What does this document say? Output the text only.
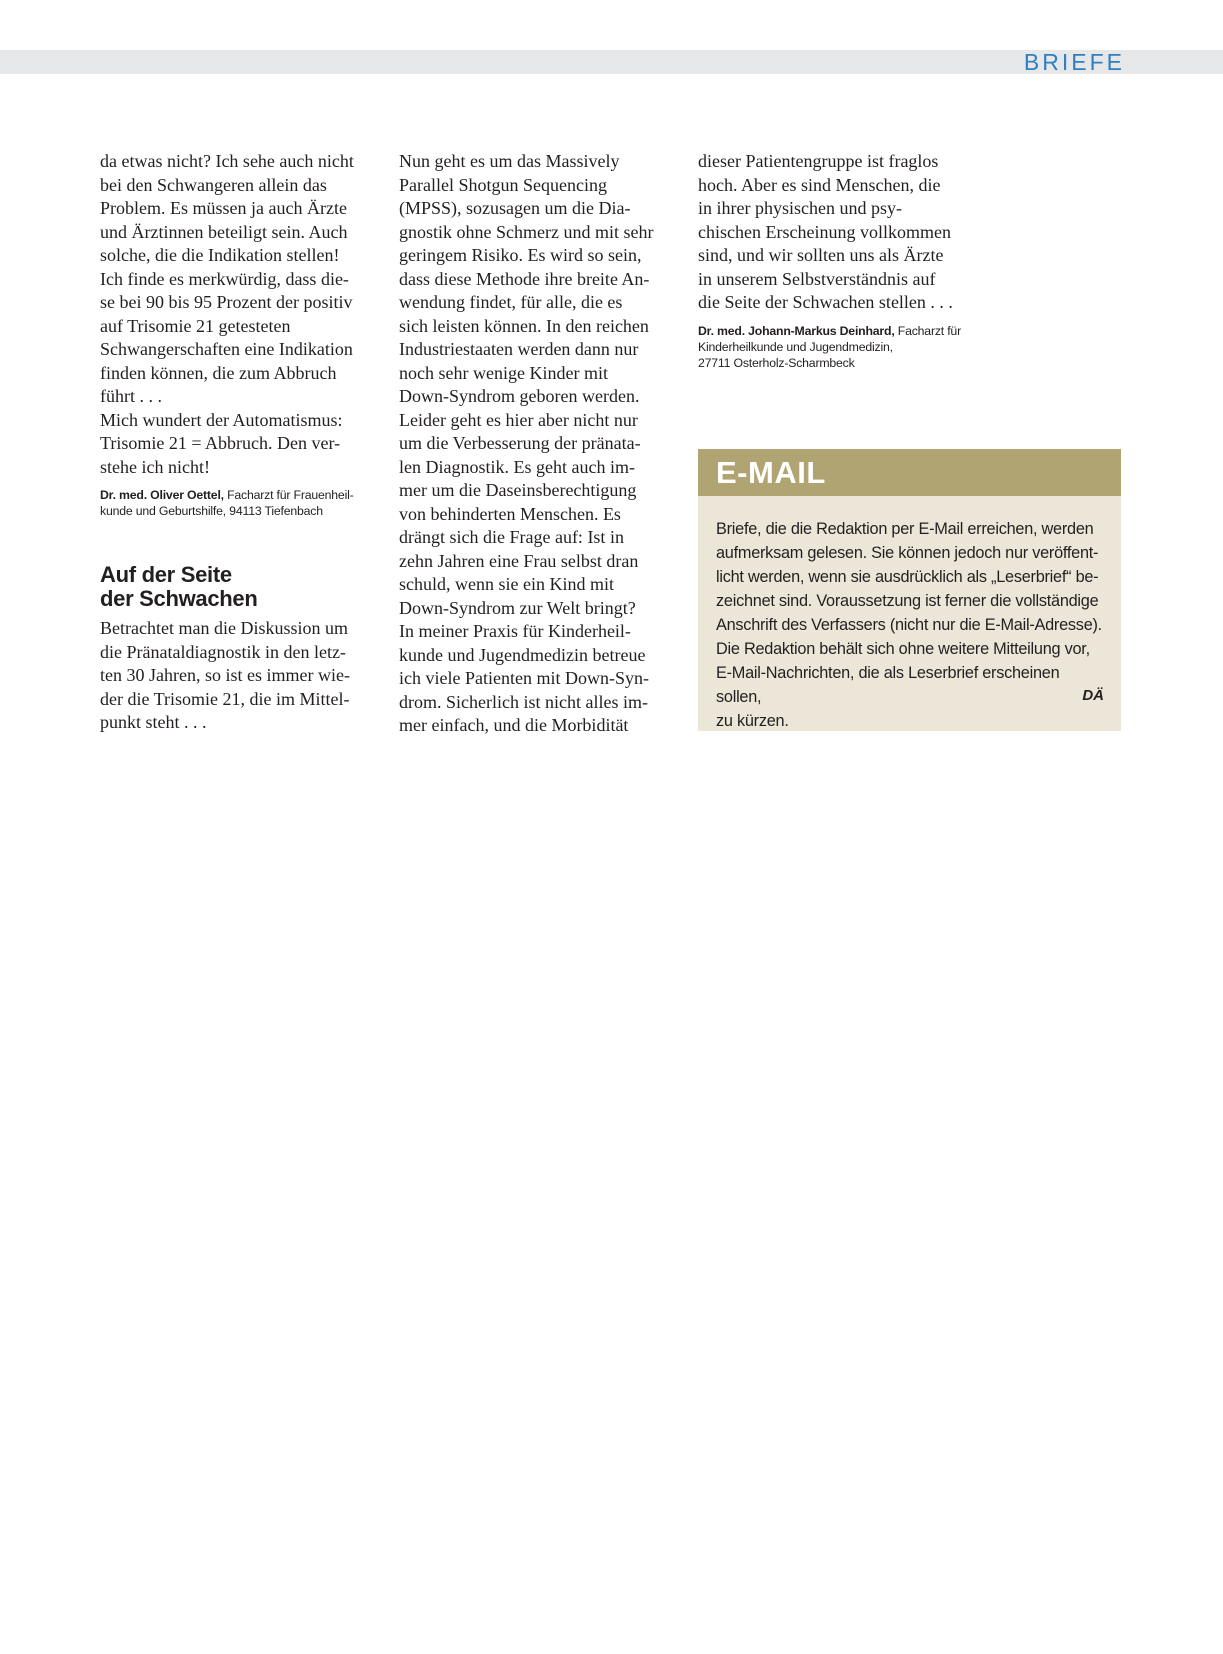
BRIEFE

da etwas nicht? Ich sehe auch nicht
bei den Schwangeren allein das
Problem. Es müssen ja auch Ärzte
und Ärztinnen beteiligt sein. Auch
solche, die die Indikation stellen!
Ich finde es merkwürdig, dass die-
se bei 90 bis 95 Prozent der positiv
auf Trisomie 21 getesteten
Schwangerschaften eine Indikation
finden können, die zum Abbruch
führt . . .
Mich wundert der Automatismus:
Trisomie 21 = Abbruch. Den ver-
stehe ich nicht!

Dr. med. Oliver Oettel, Facharzt für Frauenheil-
kunde und Geburtshilfe, 94113 Tiefenbach

Auf der Seite
der Schwachen

Betrachtet man die Diskussion um
die Pränataldiagnostik in den letz-
ten 30 Jahren, so ist es immer wie-
der die Trisomie 21, die im Mittel-
punkt steht . . .

Nun geht es um das Massively
Parallel Shotgun Sequencing
(MPSS), sozusagen um die Dia-
gnostik ohne Schmerz und mit sehr
geringem Risiko. Es wird so sein,
dass diese Methode ihre breite An-
wendung findet, für alle, die es
sich leisten können. In den reichen
Industriestaaten werden dann nur
noch sehr wenige Kinder mit
Down-Syndrom geboren werden.
Leider geht es hier aber nicht nur
um die Verbesserung der pränata-
len Diagnostik. Es geht auch im-
mer um die Daseinsberechtigung
von behinderten Menschen. Es
drängt sich die Frage auf: Ist in
zehn Jahren eine Frau selbst dran
schuld, wenn sie ein Kind mit
Down-Syndrom zur Welt bringt?
In meiner Praxis für Kinderheil-
kunde und Jugendmedizin betreue
ich viele Patienten mit Down-Syn-
drom. Sicherlich ist nicht alles im-
mer einfach, und die Morbidität

dieser Patientengruppe ist fraglos
hoch. Aber es sind Menschen, die
in ihrer physischen und psy-
chischen Erscheinung vollkommen
sind, und wir sollten uns als Ärzte
in unserem Selbstverständnis auf
die Seite der Schwachen stellen . . .

Dr. med. Johann-Markus Deinhard, Facharzt für
Kinderheilkunde und Jugendmedizin,
27711 Osterholz-Scharmbeck

E-MAIL
Briefe, die die Redaktion per E-Mail erreichen, werden
aufmerksam gelesen. Sie können jedoch nur veröffent-
licht werden, wenn sie ausdrücklich als „Leserbrief“ be-
zeichnet sind. Voraussetzung ist ferner die vollständige
Anschrift des Verfassers (nicht nur die E-Mail-Adresse).
Die Redaktion behält sich ohne weitere Mitteilung vor,
E-Mail-Nachrichten, die als Leserbrief erscheinen sollen,
zu kürzen.
DÄ
